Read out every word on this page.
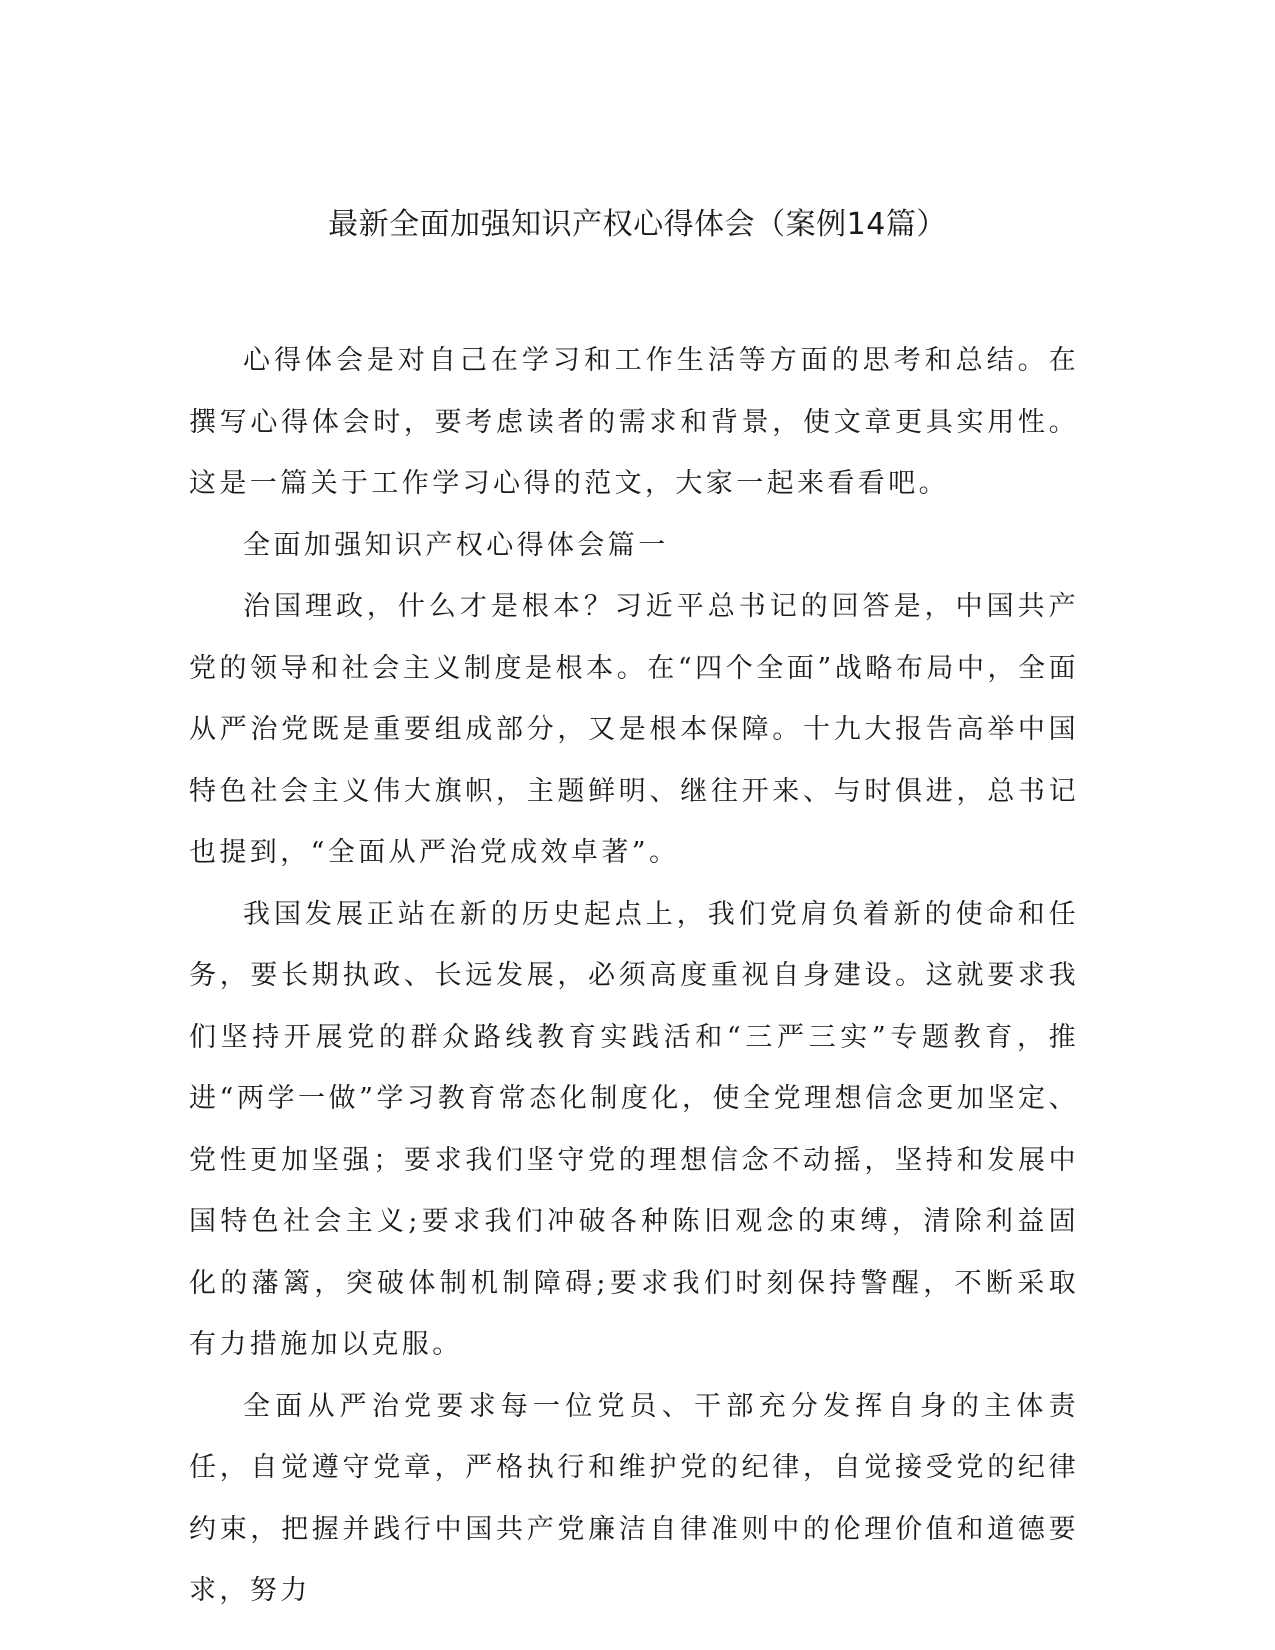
最新全面加强知识产权心得体会（案例14篇）

心得体会是对自己在学习和工作生活等方面的思考和总结。在撰写心得体会时，要考虑读者的需求和背景，使文章更具实用性。这是一篇关于工作学习心得的范文，大家一起来看看吧。

全面加强知识产权心得体会篇一

治国理政，什么才是根本？习近平总书记的回答是，中国共产党的领导和社会主义制度是根本。在“四个全面”战略布局中，全面从严治党既是重要组成部分，又是根本保障。十九大报告高举中国特色社会主义伟大旗帜，主题鲜明、继往开来、与时俱进，总书记也提到，“全面从严治党成效卓著”。

我国发展正站在新的历史起点上，我们党肩负着新的使命和任务，要长期执政、长远发展，必须高度重视自身建设。这就要求我们坚持开展党的群众路线教育实践活和“三严三实”专题教育，推进“两学一做”学习教育常态化制度化，使全党理想信念更加坚定、党性更加坚强；要求我们坚守党的理想信念不动摇，坚持和发展中国特色社会主义;要求我们冲破各种陈旧观念的束缚，清除利益固化的藩篱，突破体制机制障碍;要求我们时刻保持警醒，不断采取有力措施加以克服。

全面从严治党要求每一位党员、干部充分发挥自身的主体责任，自觉遵守党章，严格执行和维护党的纪律，自觉接受党的纪律约束，把握并践行中国共产党廉洁自律准则中的伦理价值和道德要求，努力
